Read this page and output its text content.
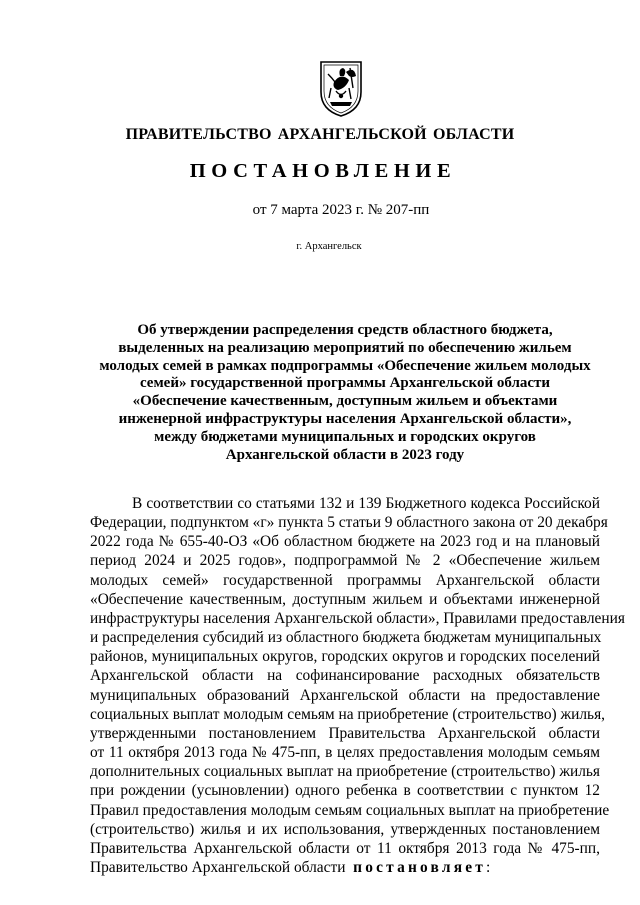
ПРАВИТЕЛЬСТВО АРХАНГЕЛЬСКОЙ ОБЛАСТИ
ПОСТАНОВЛЕНИЕ
от 7 марта 2023 г. № 207-пп
г. Архангельск
Об утверждении распределения средств областного бюджета,
выделенных на реализацию мероприятий по обеспечению жильем
молодых семей в рамках подпрограммы «Обеспечение жильем молодых
семей» государственной программы Архангельской области
«Обеспечение качественным, доступным жильем и объектами
инженерной инфраструктуры населения Архангельской области»,
между бюджетами муниципальных и городских округов
Архангельской области в 2023 году

В соответствии со статьями 132 и 139 Бюджетного кодекса Российской
Федерации, подпунктом «г» пункта 5 статьи 9 областного закона от 20 декабря
2022 года № 655-40-ОЗ «Об областном бюджете на 2023 год и на плановый
период 2024 и 2025 годов», подпрограммой № 2 «Обеспечение жильем
молодых семей» государственной программы Архангельской области
«Обеспечение качественным, доступным жильем и объектами инженерной
инфраструктуры населения Архангельской области», Правилами предоставления
и распределения субсидий из областного бюджета бюджетам муниципальных
районов, муниципальных округов, городских округов и городских поселений
Архангельской области на софинансирование расходных обязательств
муниципальных образований Архангельской области на предоставление
социальных выплат молодым семьям на приобретение (строительство) жилья,
утвержденными постановлением Правительства Архангельской области
от 11 октября 2013 года № 475-пп, в целях предоставления молодым семьям
дополнительных социальных выплат на приобретение (строительство) жилья
при рождении (усыновлении) одного ребенка в соответствии с пунктом 12
Правил предоставления молодым семьям социальных выплат на приобретение
(строительство) жилья и их использования, утвержденных постановлением
Правительства Архангельской области от 11 октября 2013 года № 475-пп,
Правительство Архангельской области постановляет:
